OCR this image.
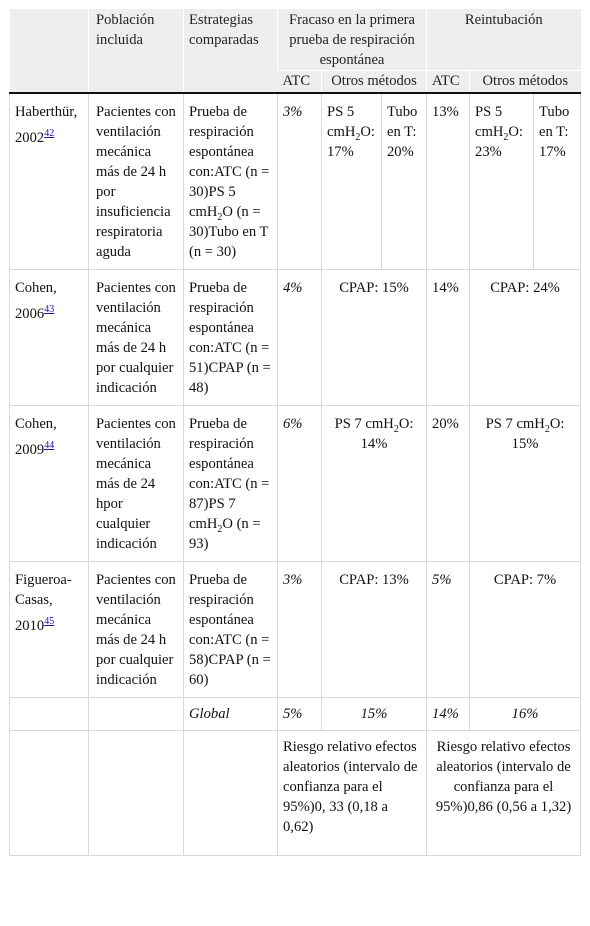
	Población incluida	Estrategias comparadas	Fracaso en la primera prueba de respiración espontánea			Reintubación		
			ATC	Otros métodos		ATC	Otros métodos	
Haberthür, 2002$^{42}$	Pacientes con ventilación mecánica más de 24 h por insuficiencia respiratoria aguda	Prueba de respiración espontánea con:ATC (n = 30)PS 5 cmH$_2$O (n = 30)Tubo en T (n = 30)	3%	PS 5 cmH$_2$O: 17%	Tubo en T: 20%	13%	PS 5 cmH$_2$O: 23%	Tubo en T: 17%
Cohen, 2006$^{43}$	Pacientes con ventilación mecánica más de 24 h por cualquier indicación	Prueba de respiración espontánea con:ATC (n = 51)CPAP (n = 48)	4%	CPAP: 15%		14%	CPAP: 24%	
Cohen, 2009$^{44}$	Pacientes con ventilación mecánica más de 24 hpor cualquier indicación	Prueba de respiración espontánea con:ATC (n = 87)PS 7 cmH$_2$O (n = 93)	6%	PS 7 cmH$_2$O: 14%		20%	PS 7 cmH$_2$O: 15%	
Figueroa-Casas, 2010$^{45}$	Pacientes con ventilación mecánica más de 24 h por cualquier indicación	Prueba de respiración espontánea con:ATC (n = 58)CPAP (n = 60)	3%	CPAP: 13%		5%	CPAP: 7%	
		Global	5%	15%		14%	16%	
			Riesgo relativo efectos aleatorios (intervalo de confianza para el 95%)0, 33 (0,18 a 0,62)			Riesgo relativo efectos aleatorios (intervalo de confianza para el 95%)0,86 (0,56 a 1,32)		
